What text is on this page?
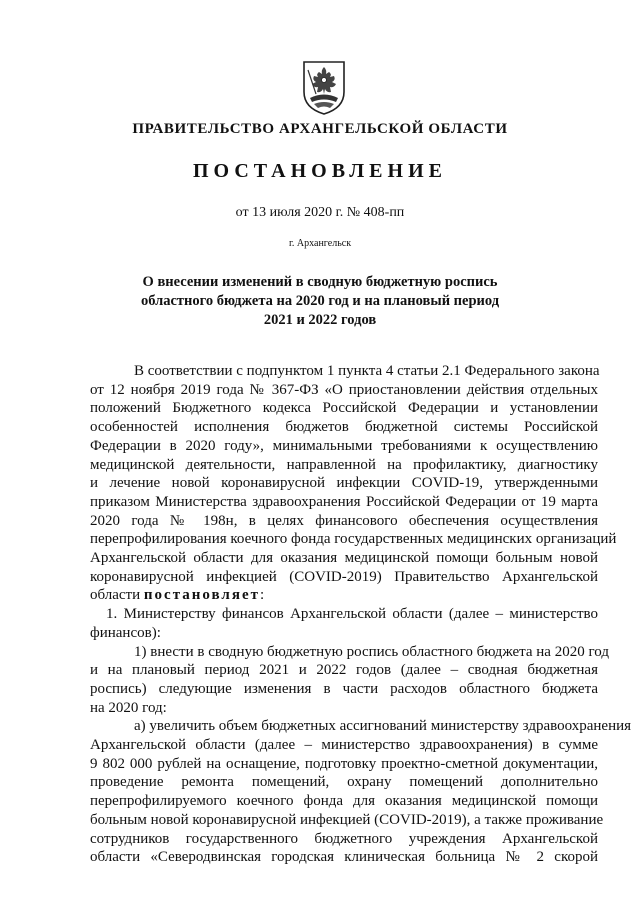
ПРАВИТЕЛЬСТВО АРХАНГЕЛЬСКОЙ ОБЛАСТИ
ПОСТАНОВЛЕНИЕ
от 13 июля 2020 г. № 408-пп
г. Архангельск
О внесении изменений в сводную бюджетную роспись
областного бюджета на 2020 год и на плановый период
2021 и 2022 годов
В соответствии с подпунктом 1 пункта 4 статьи 2.1 Федерального закона
от 12 ноября 2019 года № 367-ФЗ «О приостановлении действия отдельных
положений Бюджетного кодекса Российской Федерации и установлении
особенностей исполнения бюджетов бюджетной системы Российской
Федерации в 2020 году», минимальными требованиями к осуществлению
медицинской деятельности, направленной на профилактику, диагностику
и лечение новой коронавирусной инфекции COVID-19, утвержденными
приказом Министерства здравоохранения Российской Федерации от 19 марта
2020 года № 198н, в целях финансового обеспечения осуществления
перепрофилирования коечного фонда государственных медицинских организаций
Архангельской области для оказания медицинской помощи больным новой
коронавирусной инфекцией (COVID-2019) Правительство Архангельской
области постановляет:
1. Министерству финансов Архангельской области (далее – министерство
финансов):
1) внести в сводную бюджетную роспись областного бюджета на 2020 год
и на плановый период 2021 и 2022 годов (далее – сводная бюджетная
роспись) следующие изменения в части расходов областного бюджета
на 2020 год:
а) увеличить объем бюджетных ассигнований министерству здравоохранения
Архангельской области (далее – министерство здравоохранения) в сумме
9 802 000 рублей на оснащение, подготовку проектно-сметной документации,
проведение ремонта помещений, охрану помещений дополнительно
перепрофилируемого коечного фонда для оказания медицинской помощи
больным новой коронавирусной инфекцией (COVID-2019), а также проживание
сотрудников государственного бюджетного учреждения Архангельской
области «Северодвинская городская клиническая больница № 2 скорой
